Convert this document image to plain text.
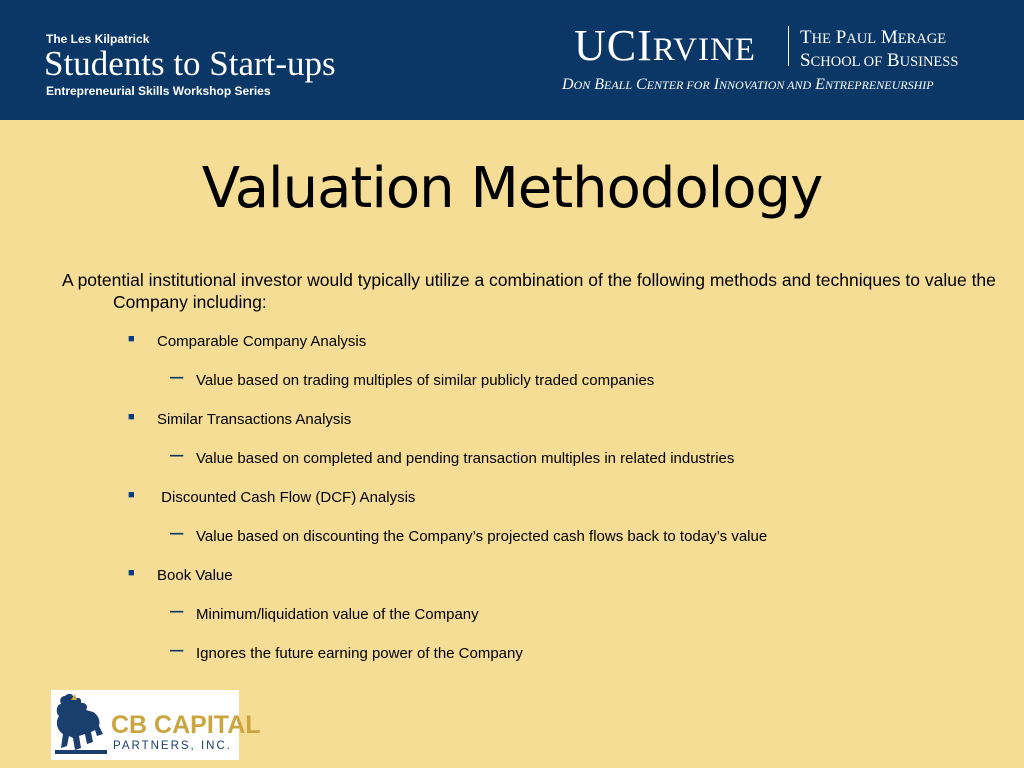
The Les Kilpatrick
Students to Start-ups
Entrepreneurial Skills Workshop Series
UCIRVINE THE PAUL MERAGE
SCHOOL OF BUSINESS
DON BEALL CENTER FOR INNOVATION AND ENTREPRENEURSHIP
Valuation Methodology

A potential institutional investor would typically utilize a combination of the following methods and techniques to value the Company including:

■ Comparable Company Analysis
– Value based on trading multiples of similar publicly traded companies
■ Similar Transactions Analysis
– Value based on completed and pending transaction multiples in related industries
■ Discounted Cash Flow (DCF) Analysis
– Value based on discounting the Company’s projected cash flows back to today’s value
■ Book Value
– Minimum/liquidation value of the Company
– Ignores the future earning power of the Company
CB CAPITAL
PARTNERS, INC.
